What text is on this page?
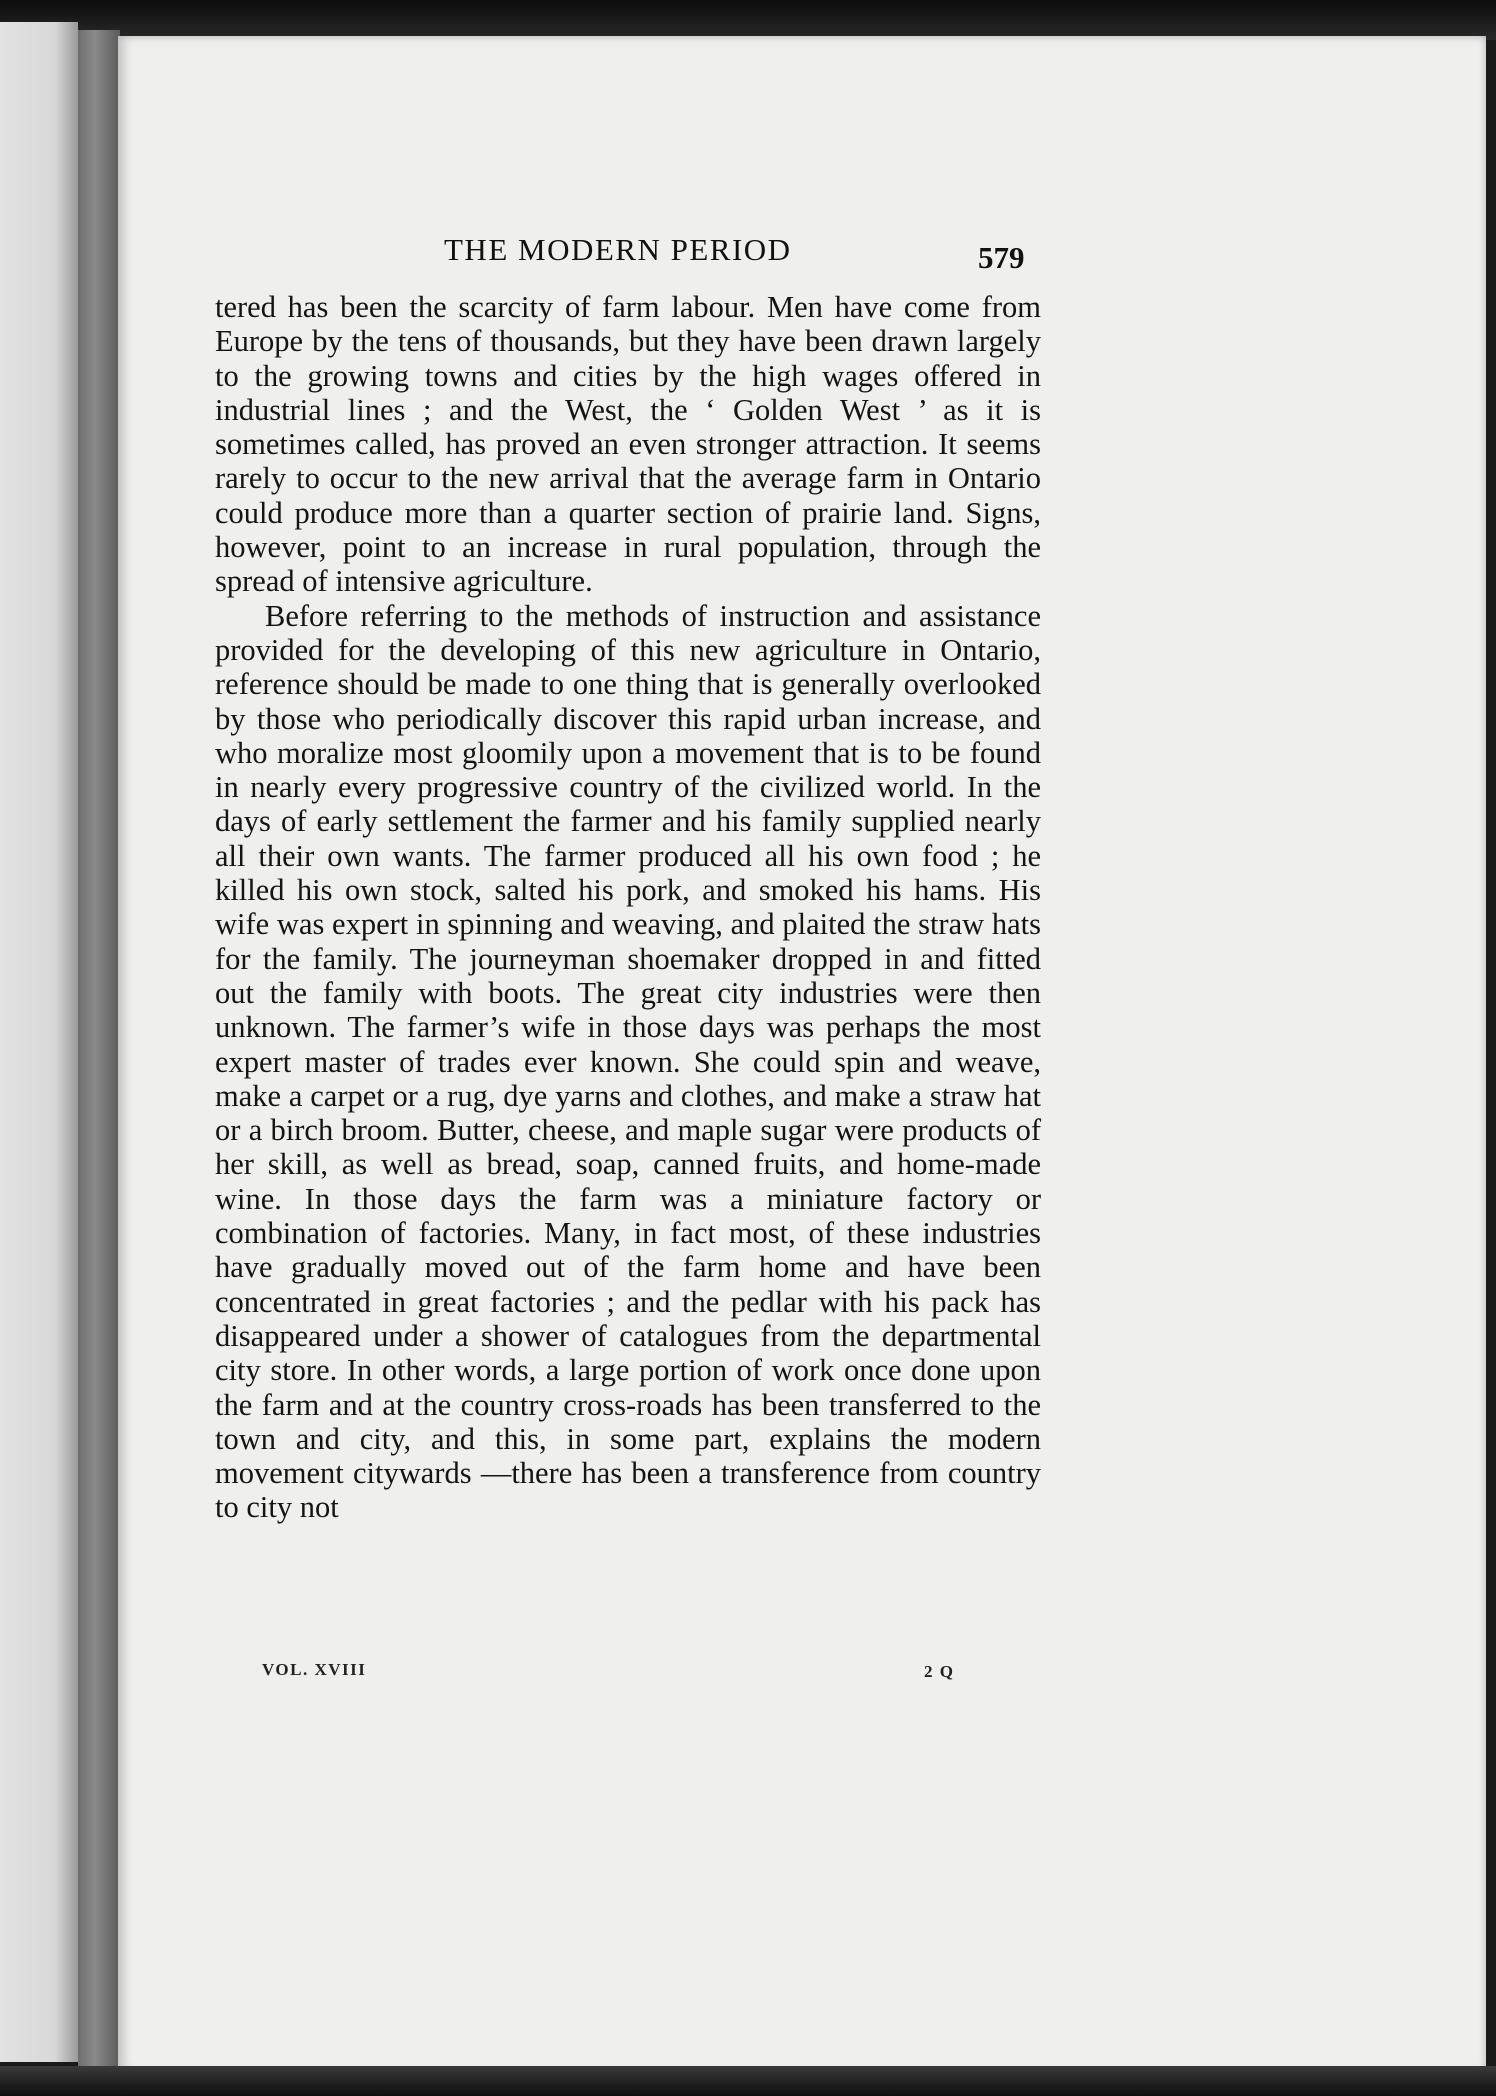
THE MODERN PERIOD	579

tered has been the scarcity of farm labour. Men have come from Europe by the tens of thousands, but they have been drawn largely to the growing towns and cities by the high wages offered in industrial lines ; and the West, the ‘ Golden West ’ as it is sometimes called, has proved an even stronger attraction. It seems rarely to occur to the new arrival that the average farm in Ontario could produce more than a quarter section of prairie land. Signs, however, point to an increase in rural population, through the spread of intensive agriculture.

Before referring to the methods of instruction and assistance provided for the developing of this new agriculture in Ontario, reference should be made to one thing that is generally overlooked by those who periodically discover this rapid urban increase, and who moralize most gloomily upon a movement that is to be found in nearly every progressive country of the civilized world. In the days of early settlement the farmer and his family supplied nearly all their own wants. The farmer produced all his own food ; he killed his own stock, salted his pork, and smoked his hams. His wife was expert in spinning and weaving, and plaited the straw hats for the family. The journeyman shoemaker dropped in and fitted out the family with boots. The great city industries were then unknown. The farmer’s wife in those days was perhaps the most expert master of trades ever known. She could spin and weave, make a carpet or a rug, dye yarns and clothes, and make a straw hat or a birch broom. Butter, cheese, and maple sugar were products of her skill, as well as bread, soap, canned fruits, and home-made wine. In those days the farm was a miniature factory or combination of factories. Many, in fact most, of these industries have gradually moved out of the farm home and have been concentrated in great factories ; and the pedlar with his pack has disappeared under a shower of catalogues from the departmental city store. In other words, a large portion of work once done upon the farm and at the country cross-roads has been transferred to the town and city, and this, in some part, explains the modern movement citywards —there has been a transference from country to city not

VOL. XVIII	2 Q
